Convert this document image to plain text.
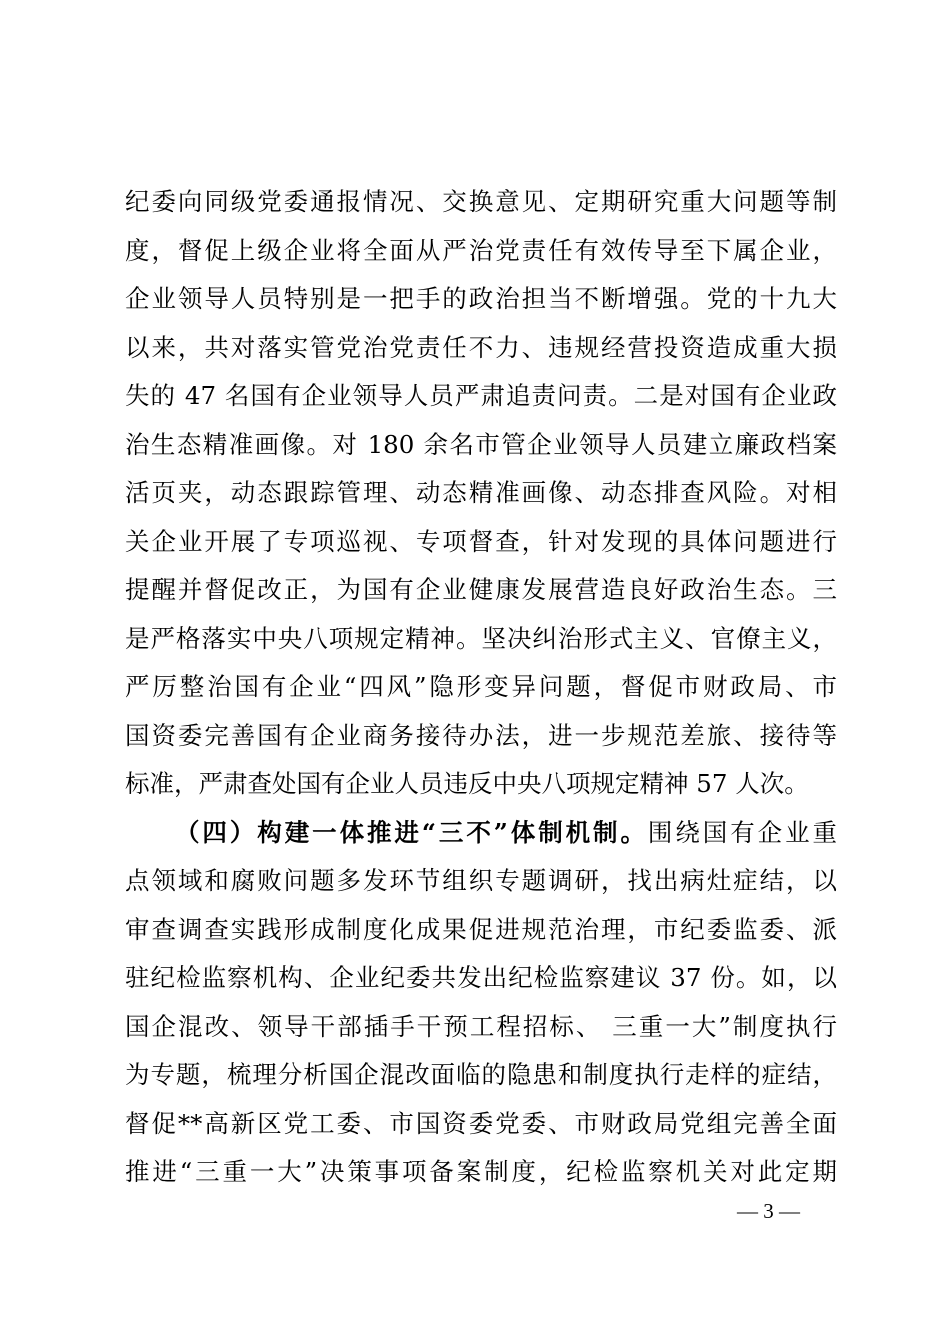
纪委向同级党委通报情况、交换意见、定期研究重大问题等制
度，督促上级企业将全面从严治党责任有效传导至下属企业，
企业领导人员特别是一把手的政治担当不断增强。党的十九大
以来，共对落实管党治党责任不力、违规经营投资造成重大损
失的 47 名国有企业领导人员严肃追责问责。二是对国有企业政
治生态精准画像。对 180 余名市管企业领导人员建立廉政档案
活页夹，动态跟踪管理、动态精准画像、动态排查风险。对相
关企业开展了专项巡视、专项督查，针对发现的具体问题进行
提醒并督促改正，为国有企业健康发展营造良好政治生态。三
是严格落实中央八项规定精神。坚决纠治形式主义、官僚主义，
严厉整治国有企业“四风”隐形变异问题，督促市财政局、市
国资委完善国有企业商务接待办法，进一步规范差旅、接待等
标准，严肃查处国有企业人员违反中央八项规定精神 57 人次。
（四）构建一体推进“三不”体制机制。围绕国有企业重
点领域和腐败问题多发环节组织专题调研，找出病灶症结，以
审查调查实践形成制度化成果促进规范治理，市纪委监委、派
驻纪检监察机构、企业纪委共发出纪检监察建议 37 份。如，以
国企混改、领导干部插手干预工程招标、 三重一大”制度执行
为专题，梳理分析国企混改面临的隐患和制度执行走样的症结，
督促**高新区党工委、市国资委党委、市财政局党组完善全面
推进“三重一大”决策事项备案制度，纪检监察机关对此定期
— 3 —
